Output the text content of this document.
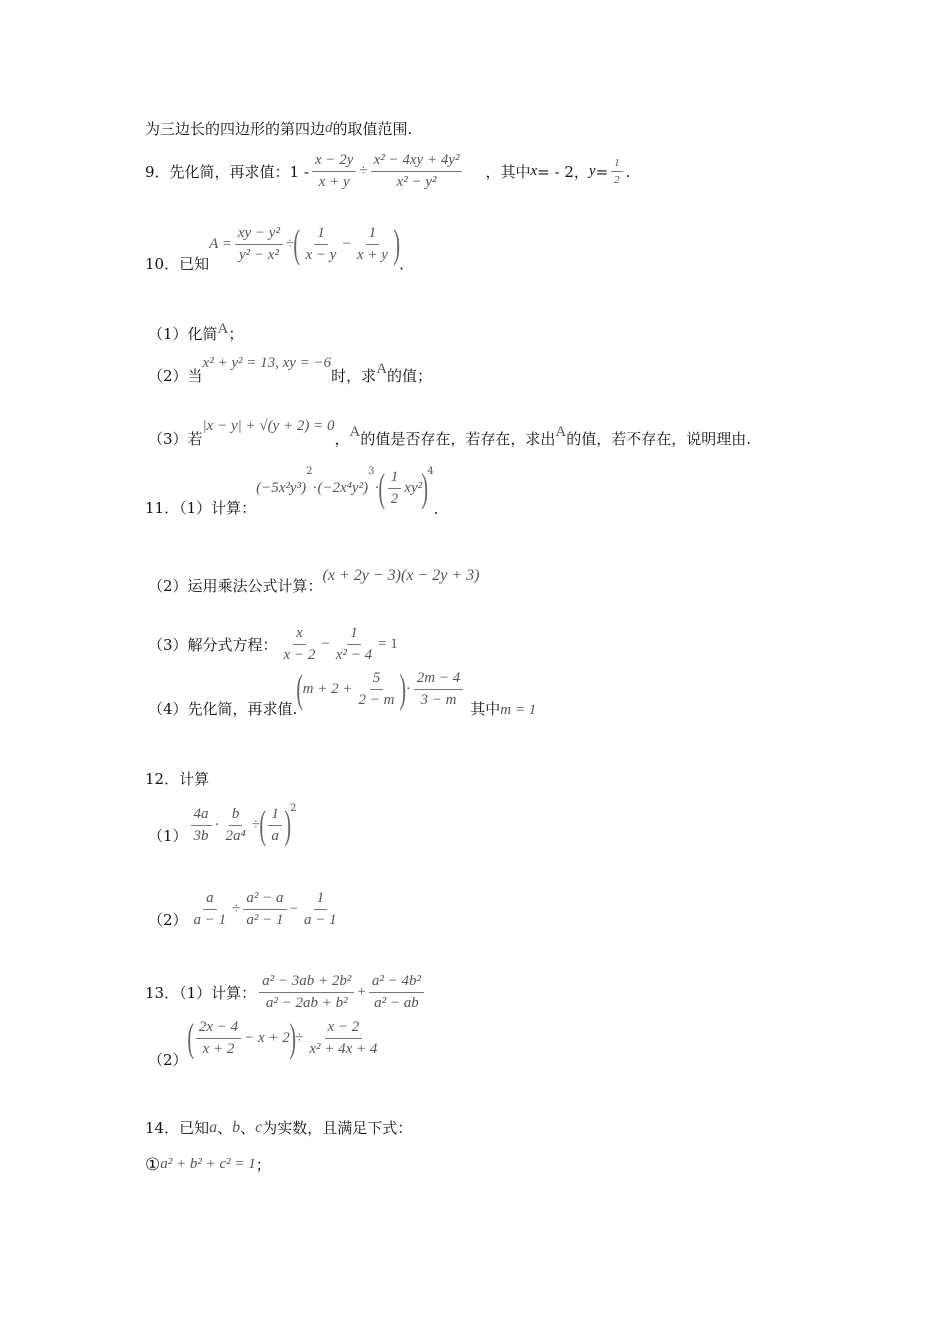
为三边长的四边形的第四边 d 的取值范围.
9．先化简，再求值： $1 - \frac{x - 2y}{x + y} \div \frac{\text{x² − 4xy + 4y²}}{\text{x² − y²}}$ ，其中 x = - 2， $y = \frac{1}{2}$ .
10．已知
$A = \frac{\text{xy − y²}}{\text{y² − x²}}$ ÷ ( $\frac{1}{x - y} - \frac{1}{x + y}$ ) ．
（1）化简 A ；
（2）当
x² + y² = 13, xy = −6
时，求 A 的值；
（3）若
|x − y| + √(y + 2) = 0
， A 的值是否存在，若存在，求出 A 的值，若不存在，说明理由.
11．（1）计算：
(−5x²y³)
2
· (−2x⁴y²)
3
· ( $\frac{1}{2} xy^2$ ) 4
.
（2）运用乘法公式计算：
(x + 2y − 3)(x − 2y + 3)
（3）解分式方程： $\frac{x}{x - 2} - \frac{1}{\text{x² − 4}} = 1$
（4）先化简，再求值. ( $m + 2 + \frac{5}{2 - m}$ ) · $\frac{2m - 4}{3 - m}$
其中 m = 1
12．计算
$(1) \frac{4a}{3b} \cdot \frac{b}{\text{2a⁴}}$ ÷ ( $\frac{1}{a}$ ) 2
$(2) \frac{a}{a - 1} \div \frac{\text{a² − a}}{\text{a² − 1}} - \frac{1}{a - 1}$
13．（1）计算： $\frac{\text{a² − 3ab + 2b²}}{\text{a² − 2ab + b²}} + \frac{\text{a² − 4b²}}{\text{a² − ab}}$
（2） ( $\frac{2x - 4}{x + 2} - x + 2$ ) ÷ $\frac{x - 2}{\text{x² + 4x + 4}}$
14．已知 a 、 b 、 c 为实数，且满足下式：
① a² + b² + c² = 1 ；
